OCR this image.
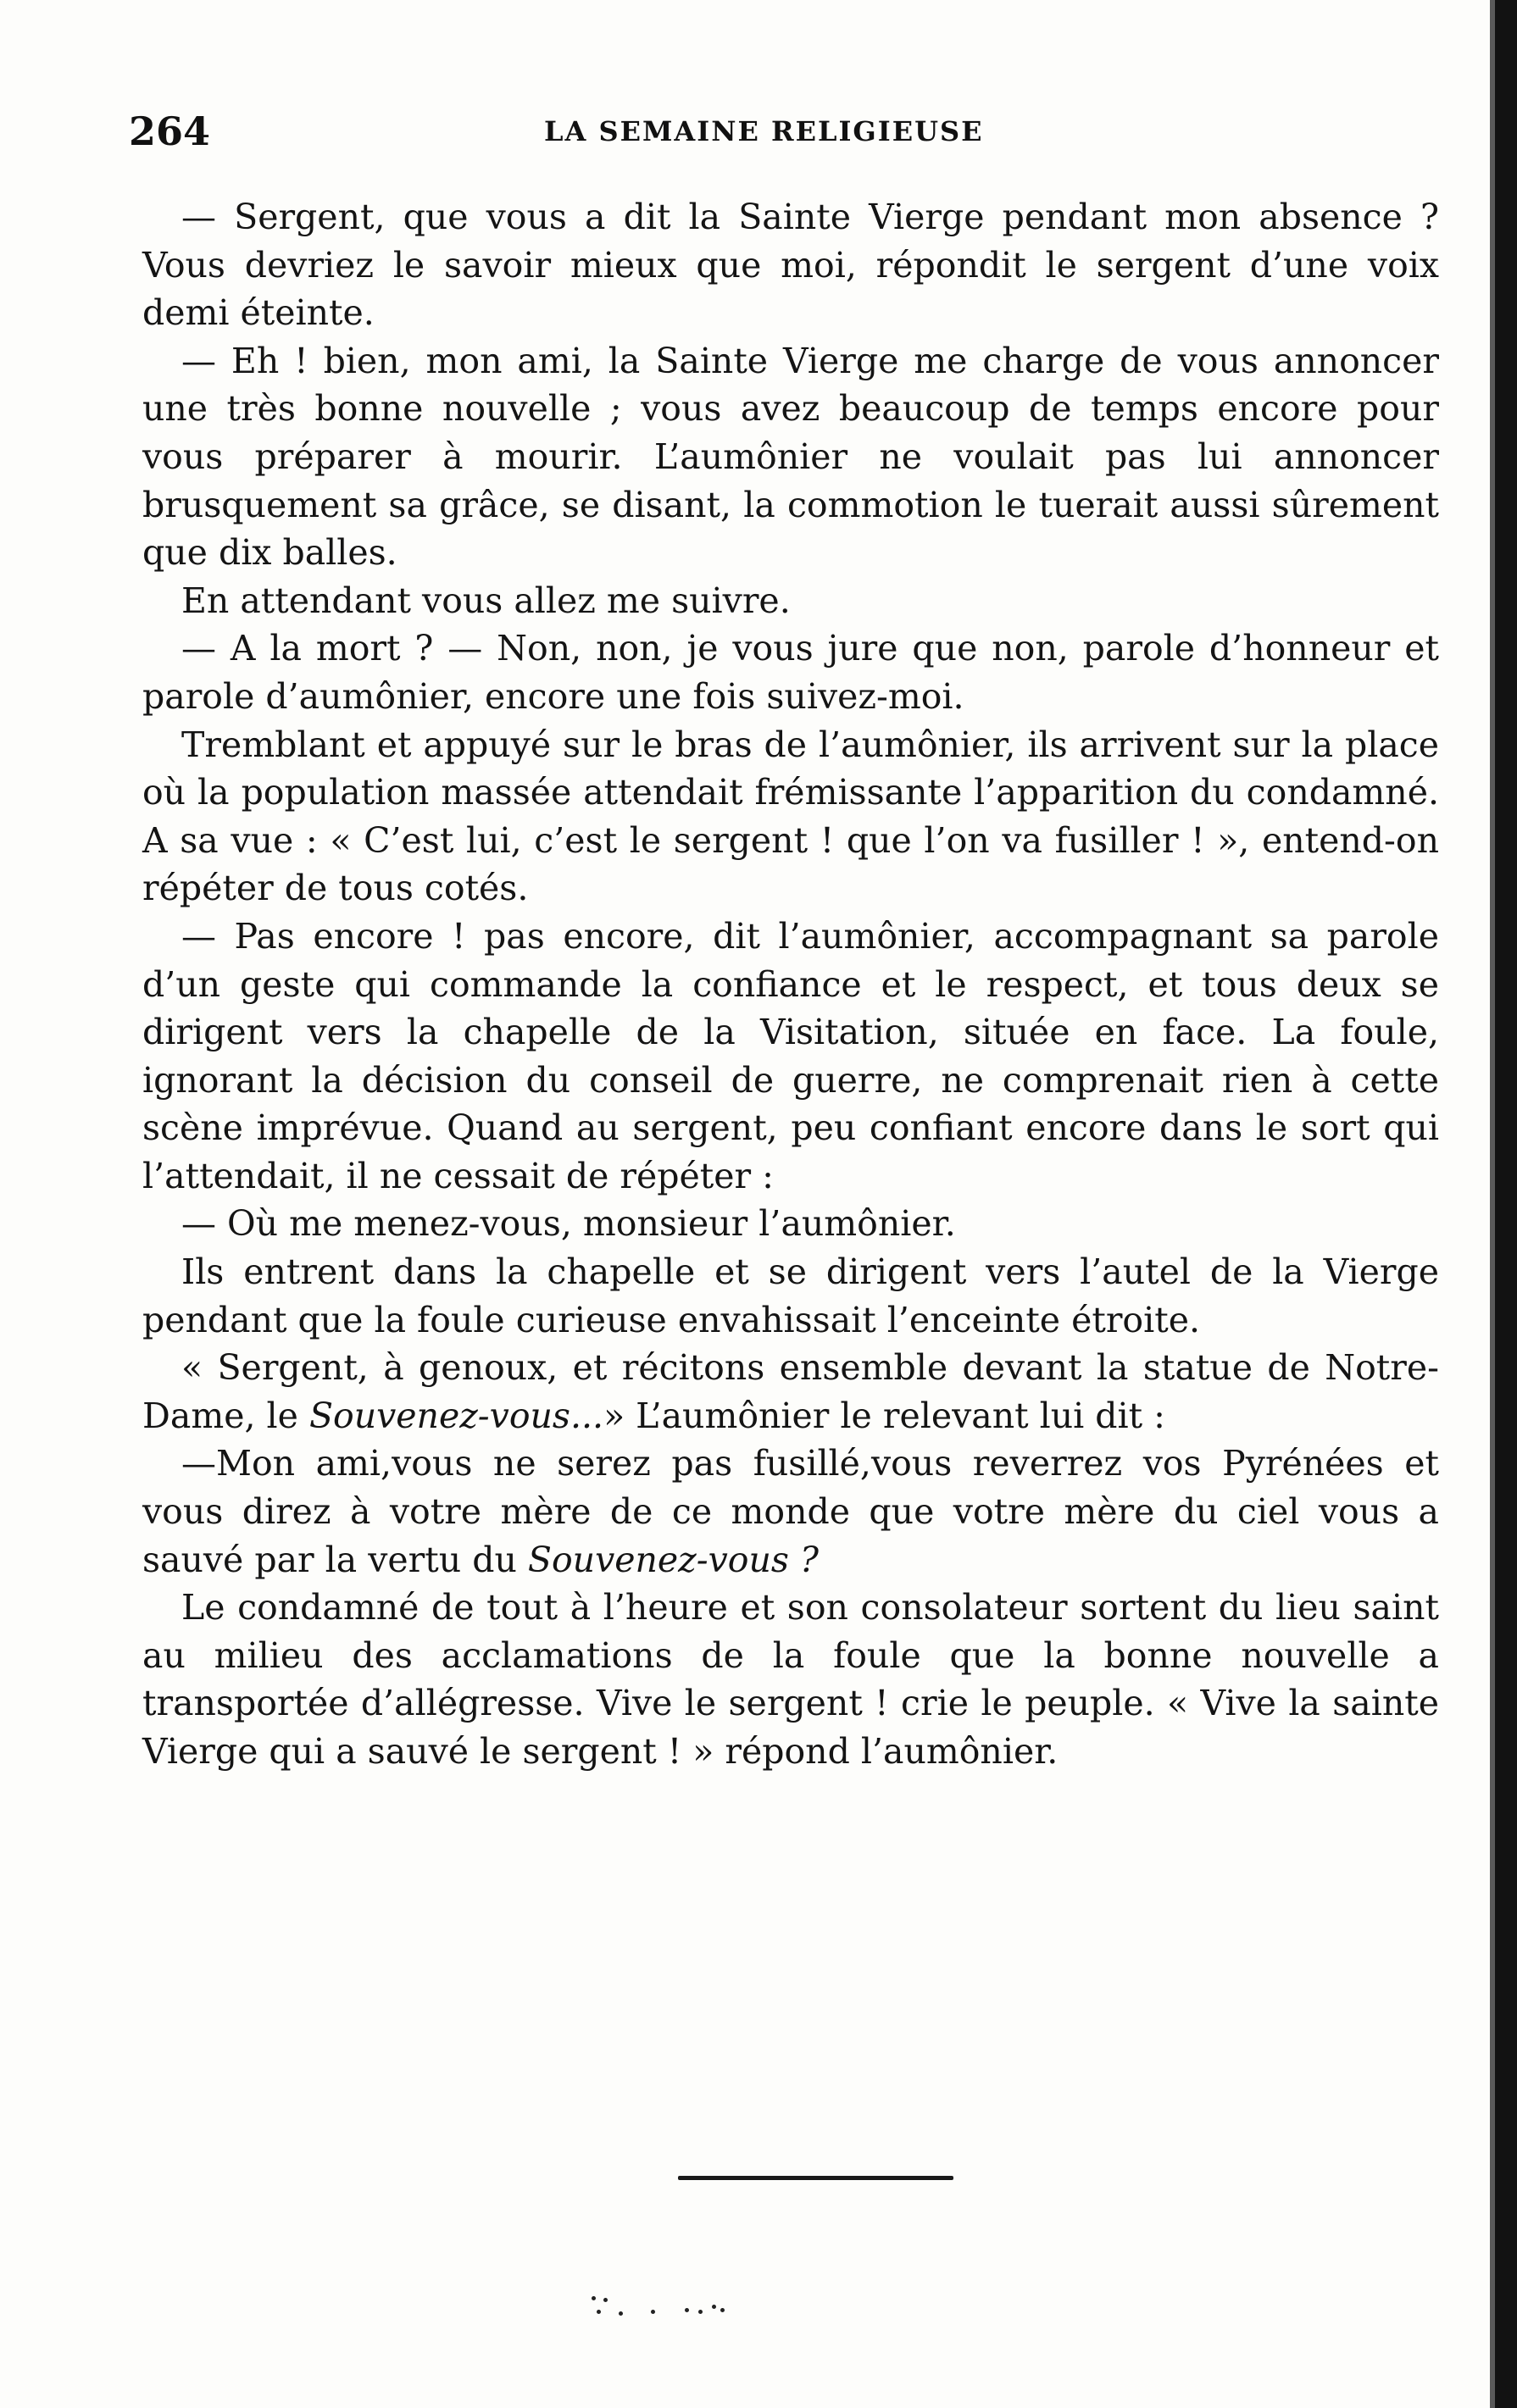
264	LA SEMAINE RELIGIEUSE

— Sergent, que vous a dit la Sainte Vierge pendant mon absence ? Vous devriez le savoir mieux que moi, répondit le sergent d’une voix demi éteinte.

— Eh ! bien, mon ami, la Sainte Vierge me charge de vous annoncer une très bonne nouvelle ; vous avez beaucoup de temps encore pour vous préparer à mourir. L’aumônier ne voulait pas lui annoncer brusquement sa grâce, se disant, la commotion le tuerait aussi sûrement que dix balles.

En attendant vous allez me suivre.

— A la mort ? — Non, non, je vous jure que non, parole d’honneur et parole d’aumônier, encore une fois suivez-moi.

Tremblant et appuyé sur le bras de l’aumônier, ils arrivent sur la place où la population massée attendait frémissante l’apparition du condamné. A sa vue : « C’est lui, c’est le sergent ! que l’on va fusiller ! », entend-on répéter de tous cotés.

— Pas encore ! pas encore, dit l’aumônier, accompagnant sa parole d’un geste qui commande la confiance et le respect, et tous deux se dirigent vers la chapelle de la Visitation, située en face. La foule, ignorant la décision du conseil de guerre, ne comprenait rien à cette scène imprévue. Quand au sergent, peu confiant encore dans le sort qui l’attendait, il ne cessait de répéter :

— Où me menez-vous, monsieur l’aumônier.

Ils entrent dans la chapelle et se dirigent vers l’autel de la Vierge pendant que la foule curieuse envahissait l’enceinte étroite.

« Sergent, à genoux, et récitons ensemble devant la statue de Notre-Dame, le Souvenez-vous...» L’aumônier le relevant lui dit :

—Mon ami,vous ne serez pas fusillé,vous reverrez vos Pyrénées et vous direz à votre mère de ce monde que votre mère du ciel vous a sauvé par la vertu du Souvenez-vous ?

Le condamné de tout à l’heure et son consolateur sortent du lieu saint au milieu des acclamations de la foule que la bonne nouvelle a transportée d’allégresse. Vive le sergent ! crie le peuple. « Vive la sainte Vierge qui a sauvé le sergent ! » répond l’aumônier.
